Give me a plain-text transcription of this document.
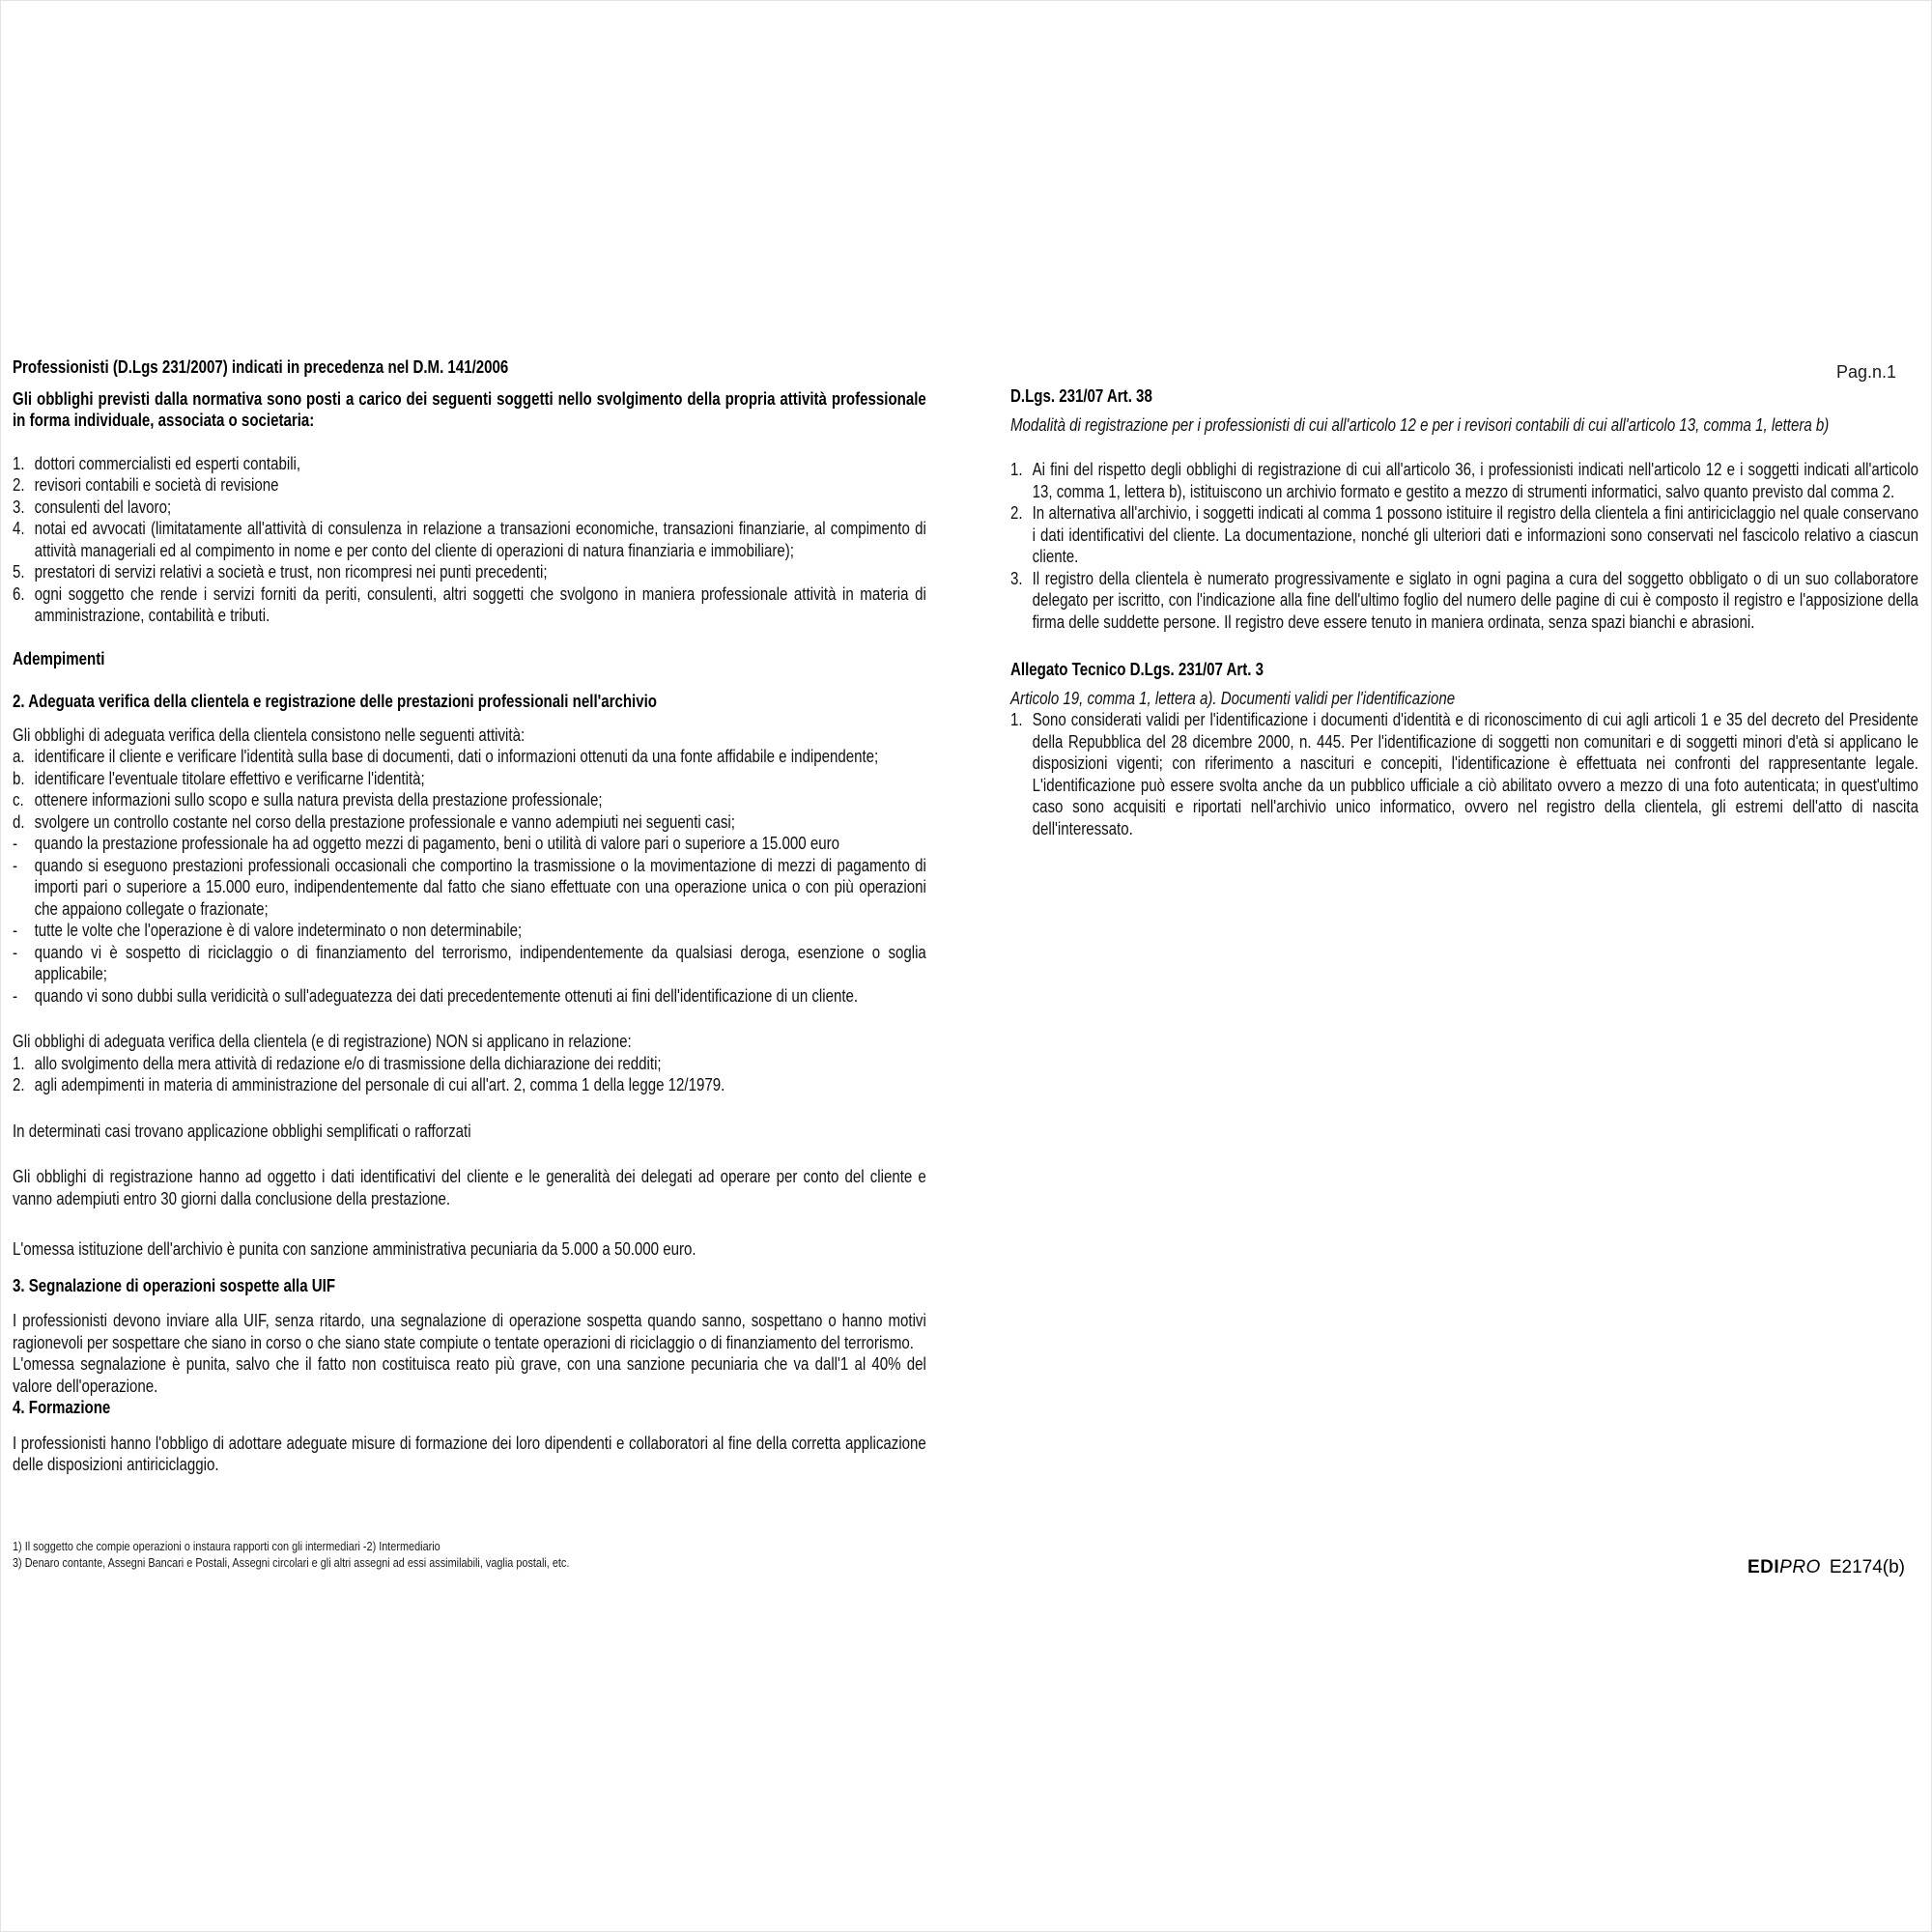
Pag.n.1

Professionisti (D.Lgs 231/2007) indicati in precedenza nel D.M. 141/2006

Gli obblighi previsti dalla normativa sono posti a carico dei seguenti soggetti nello svolgimento della propria attività professionale in forma individuale, associata o societaria:

1. dottori commercialisti ed esperti contabili,
2. revisori contabili e società di revisione
3. consulenti del lavoro;
4. notai ed avvocati (limitatamente all'attività di consulenza in relazione a transazioni economiche, transazioni finanziarie, al compimento di attività manageriali ed al compimento in nome e per conto del cliente di operazioni di natura finanziaria e immobiliare);
5. prestatori di servizi relativi a società e trust, non ricompresi nei punti precedenti;
6. ogni soggetto che rende i servizi forniti da periti, consulenti, altri soggetti che svolgono in maniera professionale attività in materia di amministrazione, contabilità e tributi.

Adempimenti

2. Adeguata verifica della clientela e registrazione delle prestazioni professionali nell'archivio

Gli obblighi di adeguata verifica della clientela consistono nelle seguenti attività:

a. identificare il cliente e verificare l'identità sulla base di documenti, dati o informazioni ottenuti da una fonte affidabile e indipendente;
b. identificare l'eventuale titolare effettivo e verificarne l'identità;
c. ottenere informazioni sullo scopo e sulla natura prevista della prestazione professionale;
d. svolgere un controllo costante nel corso della prestazione professionale e vanno adempiuti nei seguenti casi;
- quando la prestazione professionale ha ad oggetto mezzi di pagamento, beni o utilità di valore pari o superiore a 15.000 euro
- quando si eseguono prestazioni professionali occasionali che comportino la trasmissione o la movimentazione di mezzi di pagamento di importi pari o superiore a 15.000 euro, indipendentemente dal fatto che siano effettuate con una operazione unica o con più operazioni che appaiono collegate o frazionate;
- tutte le volte che l'operazione è di valore indeterminato o non determinabile;
- quando vi è sospetto di riciclaggio o di finanziamento del terrorismo, indipendentemente da qualsiasi deroga, esenzione o soglia applicabile;
- quando vi sono dubbi sulla veridicità o sull'adeguatezza dei dati precedentemente ottenuti ai fini dell'identificazione di un cliente.

Gli obblighi di adeguata verifica della clientela (e di registrazione) NON si applicano in relazione:

1. allo svolgimento della mera attività di redazione e/o di trasmissione della dichiarazione dei redditi;
2. agli adempimenti in materia di amministrazione del personale di cui all'art. 2, comma 1 della legge 12/1979.

In determinati casi trovano applicazione obblighi semplificati o rafforzati

Gli obblighi di registrazione hanno ad oggetto i dati identificativi del cliente e le generalità dei delegati ad operare per conto del cliente e vanno adempiuti entro 30 giorni dalla conclusione della prestazione.

L'omessa istituzione dell'archivio è punita con sanzione amministrativa pecuniaria da 5.000 a 50.000 euro.

3. Segnalazione di operazioni sospette alla UIF

I professionisti devono inviare alla UIF, senza ritardo, una segnalazione di operazione sospetta quando sanno, sospettano o hanno motivi ragionevoli per sospettare che siano in corso o che siano state compiute o tentate operazioni di riciclaggio o di finanziamento del terrorismo.

L'omessa segnalazione è punita, salvo che il fatto non costituisca reato più grave, con una sanzione pecuniaria che va dall'1 al 40% del valore dell'operazione.

4. Formazione

I professionisti hanno l'obbligo di adottare adeguate misure di formazione dei loro dipendenti e collaboratori al fine della corretta applicazione delle disposizioni antiriciclaggio.

D.Lgs. 231/07 Art. 38

Modalità di registrazione per i professionisti di cui all'articolo 12 e per i revisori contabili di cui all'articolo 13, comma 1, lettera b)

1. Ai fini del rispetto degli obblighi di registrazione di cui all'articolo 36, i professionisti indicati nell'articolo 12 e i soggetti indicati all'articolo 13, comma 1, lettera b), istituiscono un archivio formato e gestito a mezzo di strumenti informatici, salvo quanto previsto dal comma 2.
2. In alternativa all'archivio, i soggetti indicati al comma 1 possono istituire il registro della clientela a fini antiriciclaggio nel quale conservano i dati identificativi del cliente. La documentazione, nonché gli ulteriori dati e informazioni sono conservati nel fascicolo relativo a ciascun cliente.
3. Il registro della clientela è numerato progressivamente e siglato in ogni pagina a cura del soggetto obbligato o di un suo collaboratore delegato per iscritto, con l'indicazione alla fine dell'ultimo foglio del numero delle pagine di cui è composto il registro e l'apposizione della firma delle suddette persone. Il registro deve essere tenuto in maniera ordinata, senza spazi bianchi e abrasioni.

Allegato Tecnico D.Lgs. 231/07 Art. 3

Articolo 19, comma 1, lettera a). Documenti validi per l'identificazione

1. Sono considerati validi per l'identificazione i documenti d'identità e di riconoscimento di cui agli articoli 1 e 35 del decreto del Presidente della Repubblica del 28 dicembre 2000, n. 445. Per l'identificazione di soggetti non comunitari e di soggetti minori d'età si applicano le disposizioni vigenti; con riferimento a nascituri e concepiti, l'identificazione è effettuata nei confronti del rappresentante legale. L'identificazione può essere svolta anche da un pubblico ufficiale a ciò abilitato ovvero a mezzo di una foto autenticata; in quest'ultimo caso sono acquisiti e riportati nell'archivio unico informatico, ovvero nel registro della clientela, gli estremi dell'atto di nascita dell'interessato.

1) Il soggetto che compie operazioni o instaura rapporti con gli intermediari -2) Intermediario

3) Denaro contante, Assegni Bancari e Postali, Assegni circolari e gli altri assegni ad essi assimilabili, vaglia postali, etc.	EDIPRO E2174(b)
